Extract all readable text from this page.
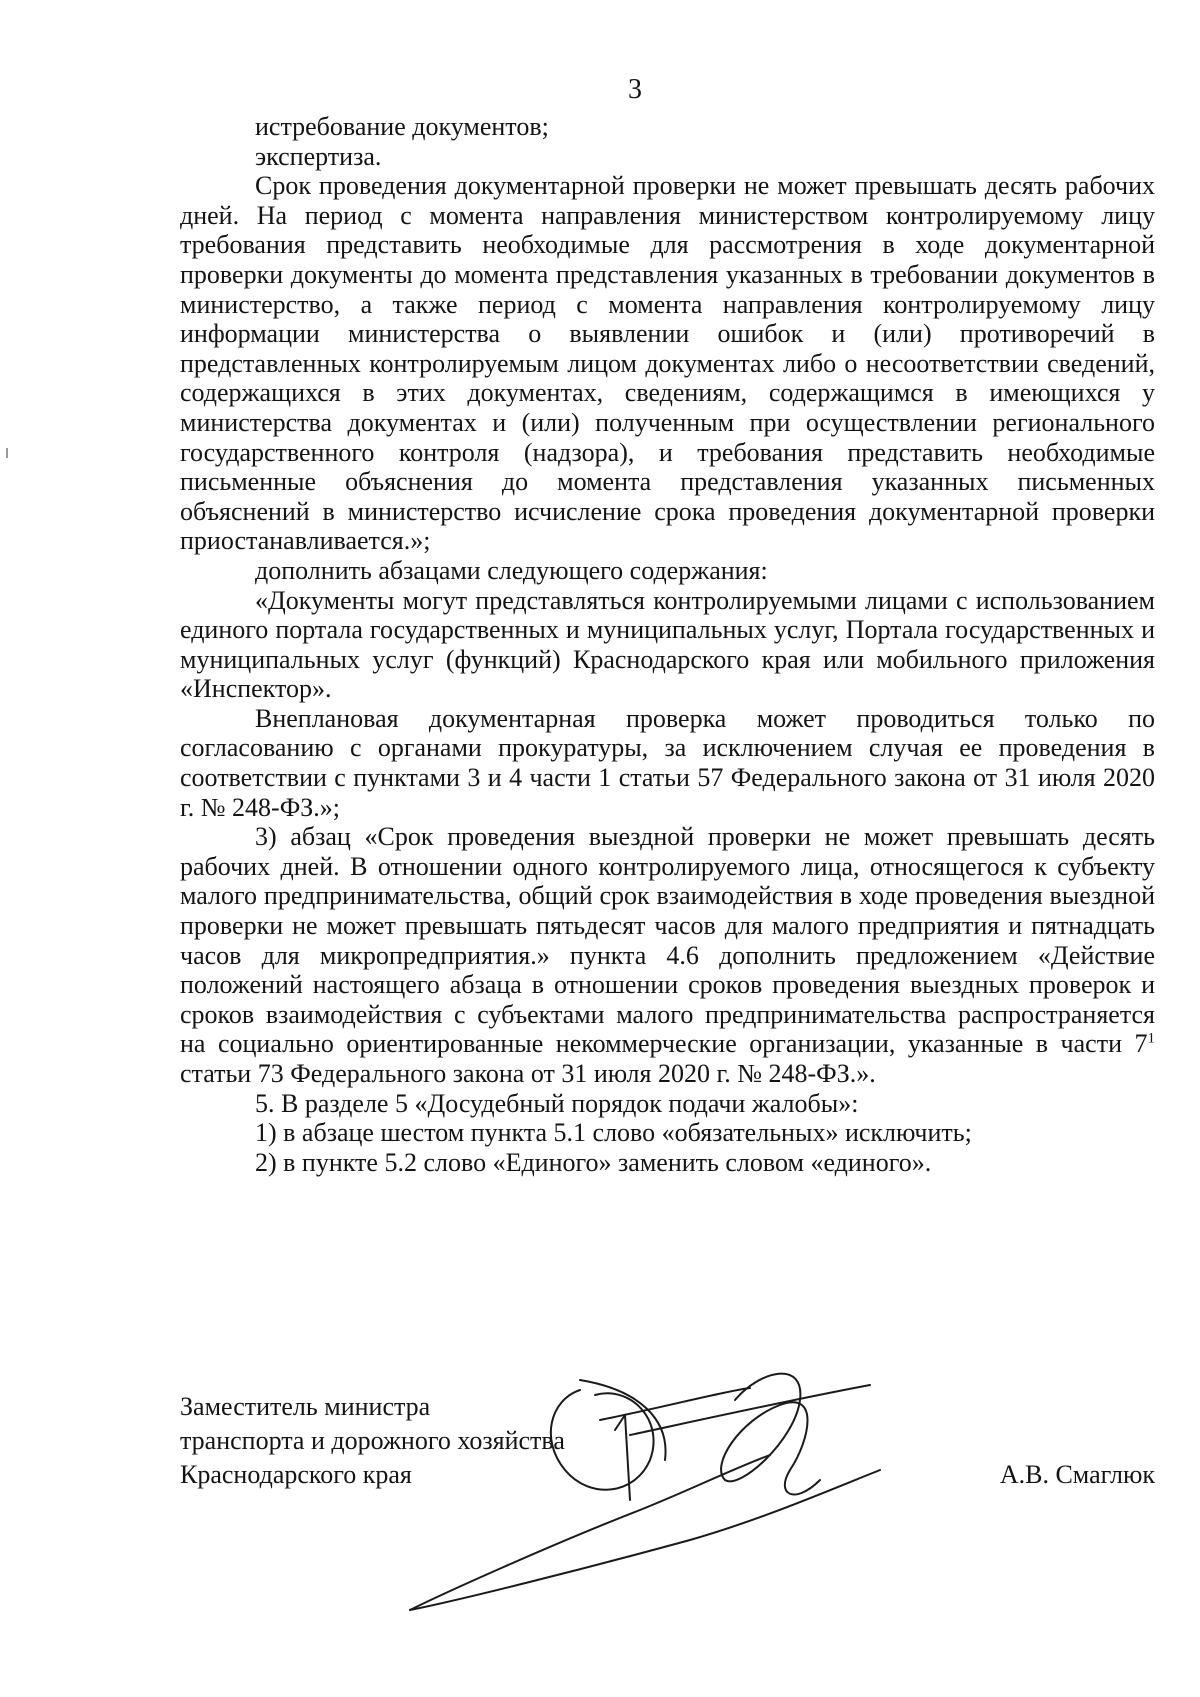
3

истребование документов;

экспертиза.

Срок проведения документарной проверки не может превышать десять рабочих дней. На период с момента направления министерством контролируемому лицу требования представить необходимые для рассмотрения в ходе документарной проверки документы до момента представления указанных в требовании документов в министерство, а также период с момента направления контролируемому лицу информации министерства о выявлении ошибок и (или) противоречий в представленных контролируемым лицом документах либо о несоответствии сведений, содержащихся в этих документах, сведениям, содержащимся в имеющихся у министерства документах и (или) полученным при осуществлении регионального государственного контроля (надзора), и требования представить необходимые письменные объяснения до момента представления указанных письменных объяснений в министерство исчисление срока проведения документарной проверки приостанавливается.»;

дополнить абзацами следующего содержания:

«Документы могут представляться контролируемыми лицами с использованием единого портала государственных и муниципальных услуг, Портала государственных и муниципальных услуг (функций) Краснодарского края или мобильного приложения «Инспектор».

Внеплановая документарная проверка может проводиться только по согласованию с органами прокуратуры, за исключением случая ее проведения в соответствии с пунктами 3 и 4 части 1 статьи 57 Федерального закона от 31 июля 2020 г. № 248-ФЗ.»;

3) абзац «Срок проведения выездной проверки не может превышать десять рабочих дней. В отношении одного контролируемого лица, относящегося к субъекту малого предпринимательства, общий срок взаимодействия в ходе проведения выездной проверки не может превышать пятьдесят часов для малого предприятия и пятнадцать часов для микропредприятия.» пункта 4.6 дополнить предложением «Действие положений настоящего абзаца в отношении сроков проведения выездных проверок и сроков взаимодействия с субъектами малого предпринимательства распространяется на социально ориентированные некоммерческие организации, указанные в части $7^1$ статьи 73 Федерального закона от 31 июля 2020 г. № 248-ФЗ.».

5. В разделе 5 «Досудебный порядок подачи жалобы»:

1) в абзаце шестом пункта 5.1 слово «обязательных» исключить;

2) в пункте 5.2 слово «Единого» заменить словом «единого».

Заместитель министра
транспорта и дорожного хозяйства
Краснодарского края	А.В. Смаглюк
